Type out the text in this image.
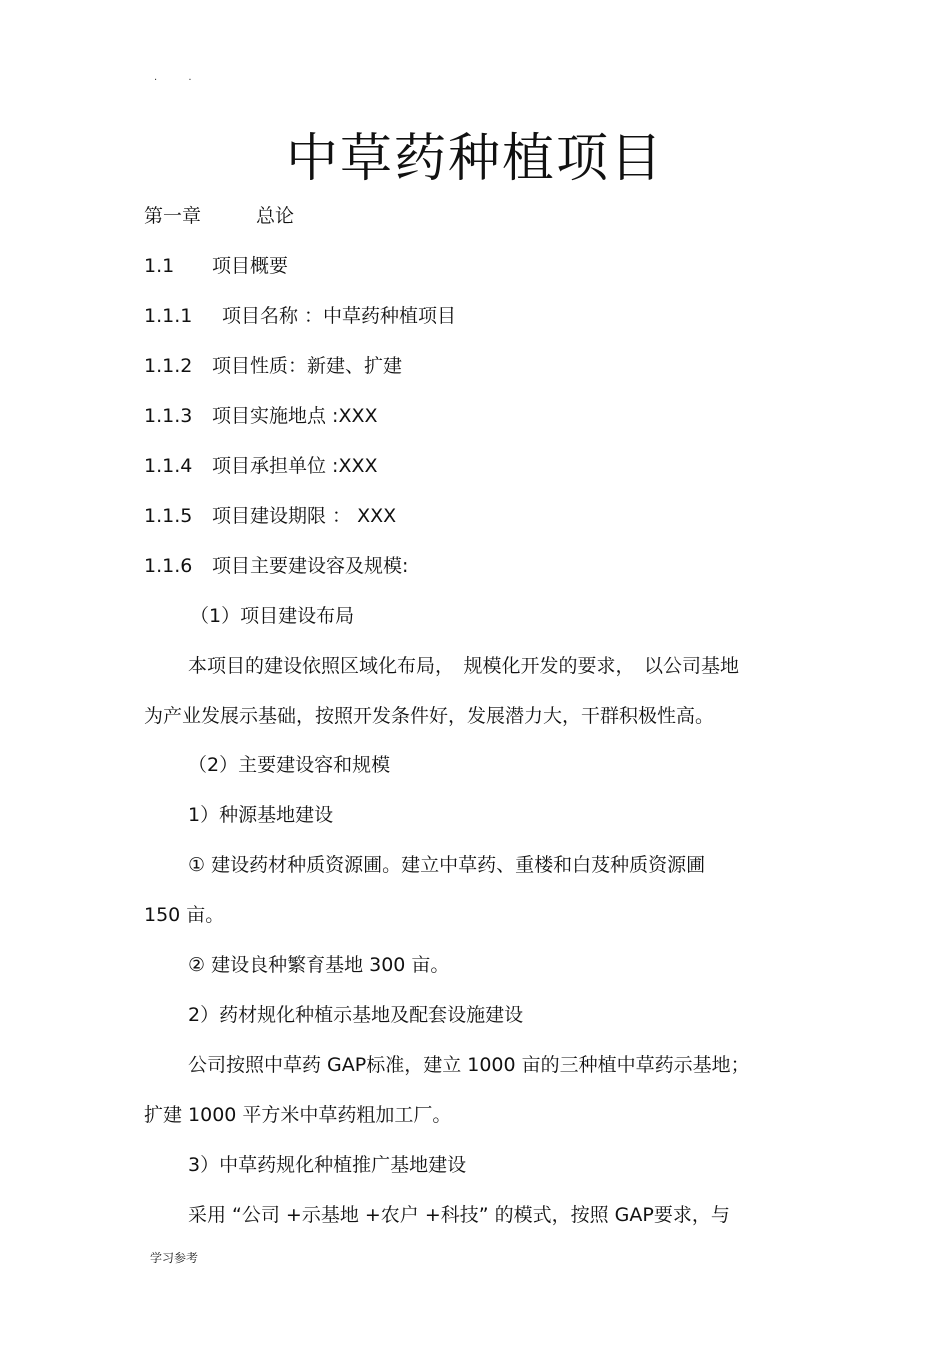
. .
中草药种植项目
第一章	总论
1.1 项目概要
1.1.1 项目名称 ：中草药种植项目
1.1.2 项目性质：新建、扩建
1.1.3 项目实施地点 :XXX
1.1.4 项目承担单位 :XXX
1.1.5 项目建设期限 ： XXX
1.1.6 项目主要建设容及规模:
（1）项目建设布局
本项目的建设依照区域化布局，　规模化开发的要求，　以公司基地
为产业发展示基础，按照开发条件好，发展潜力大，干群积极性高。
（2）主要建设容和规模
1）种源基地建设
① 建设药材种质资源圃。建立中草药、重楼和白芨种质资源圃
150 亩。
② 建设良种繁育基地 300 亩。
2）药材规化种植示基地及配套设施建设
公司按照中草药 GAP标准，建立 1000 亩的三种植中草药示基地；
扩建 1000 平方米中草药粗加工厂。
3）中草药规化种植推广基地建设
采用 “公司 +示基地 +农户 +科技” 的模式，按照 GAP要求，与
学习参考
